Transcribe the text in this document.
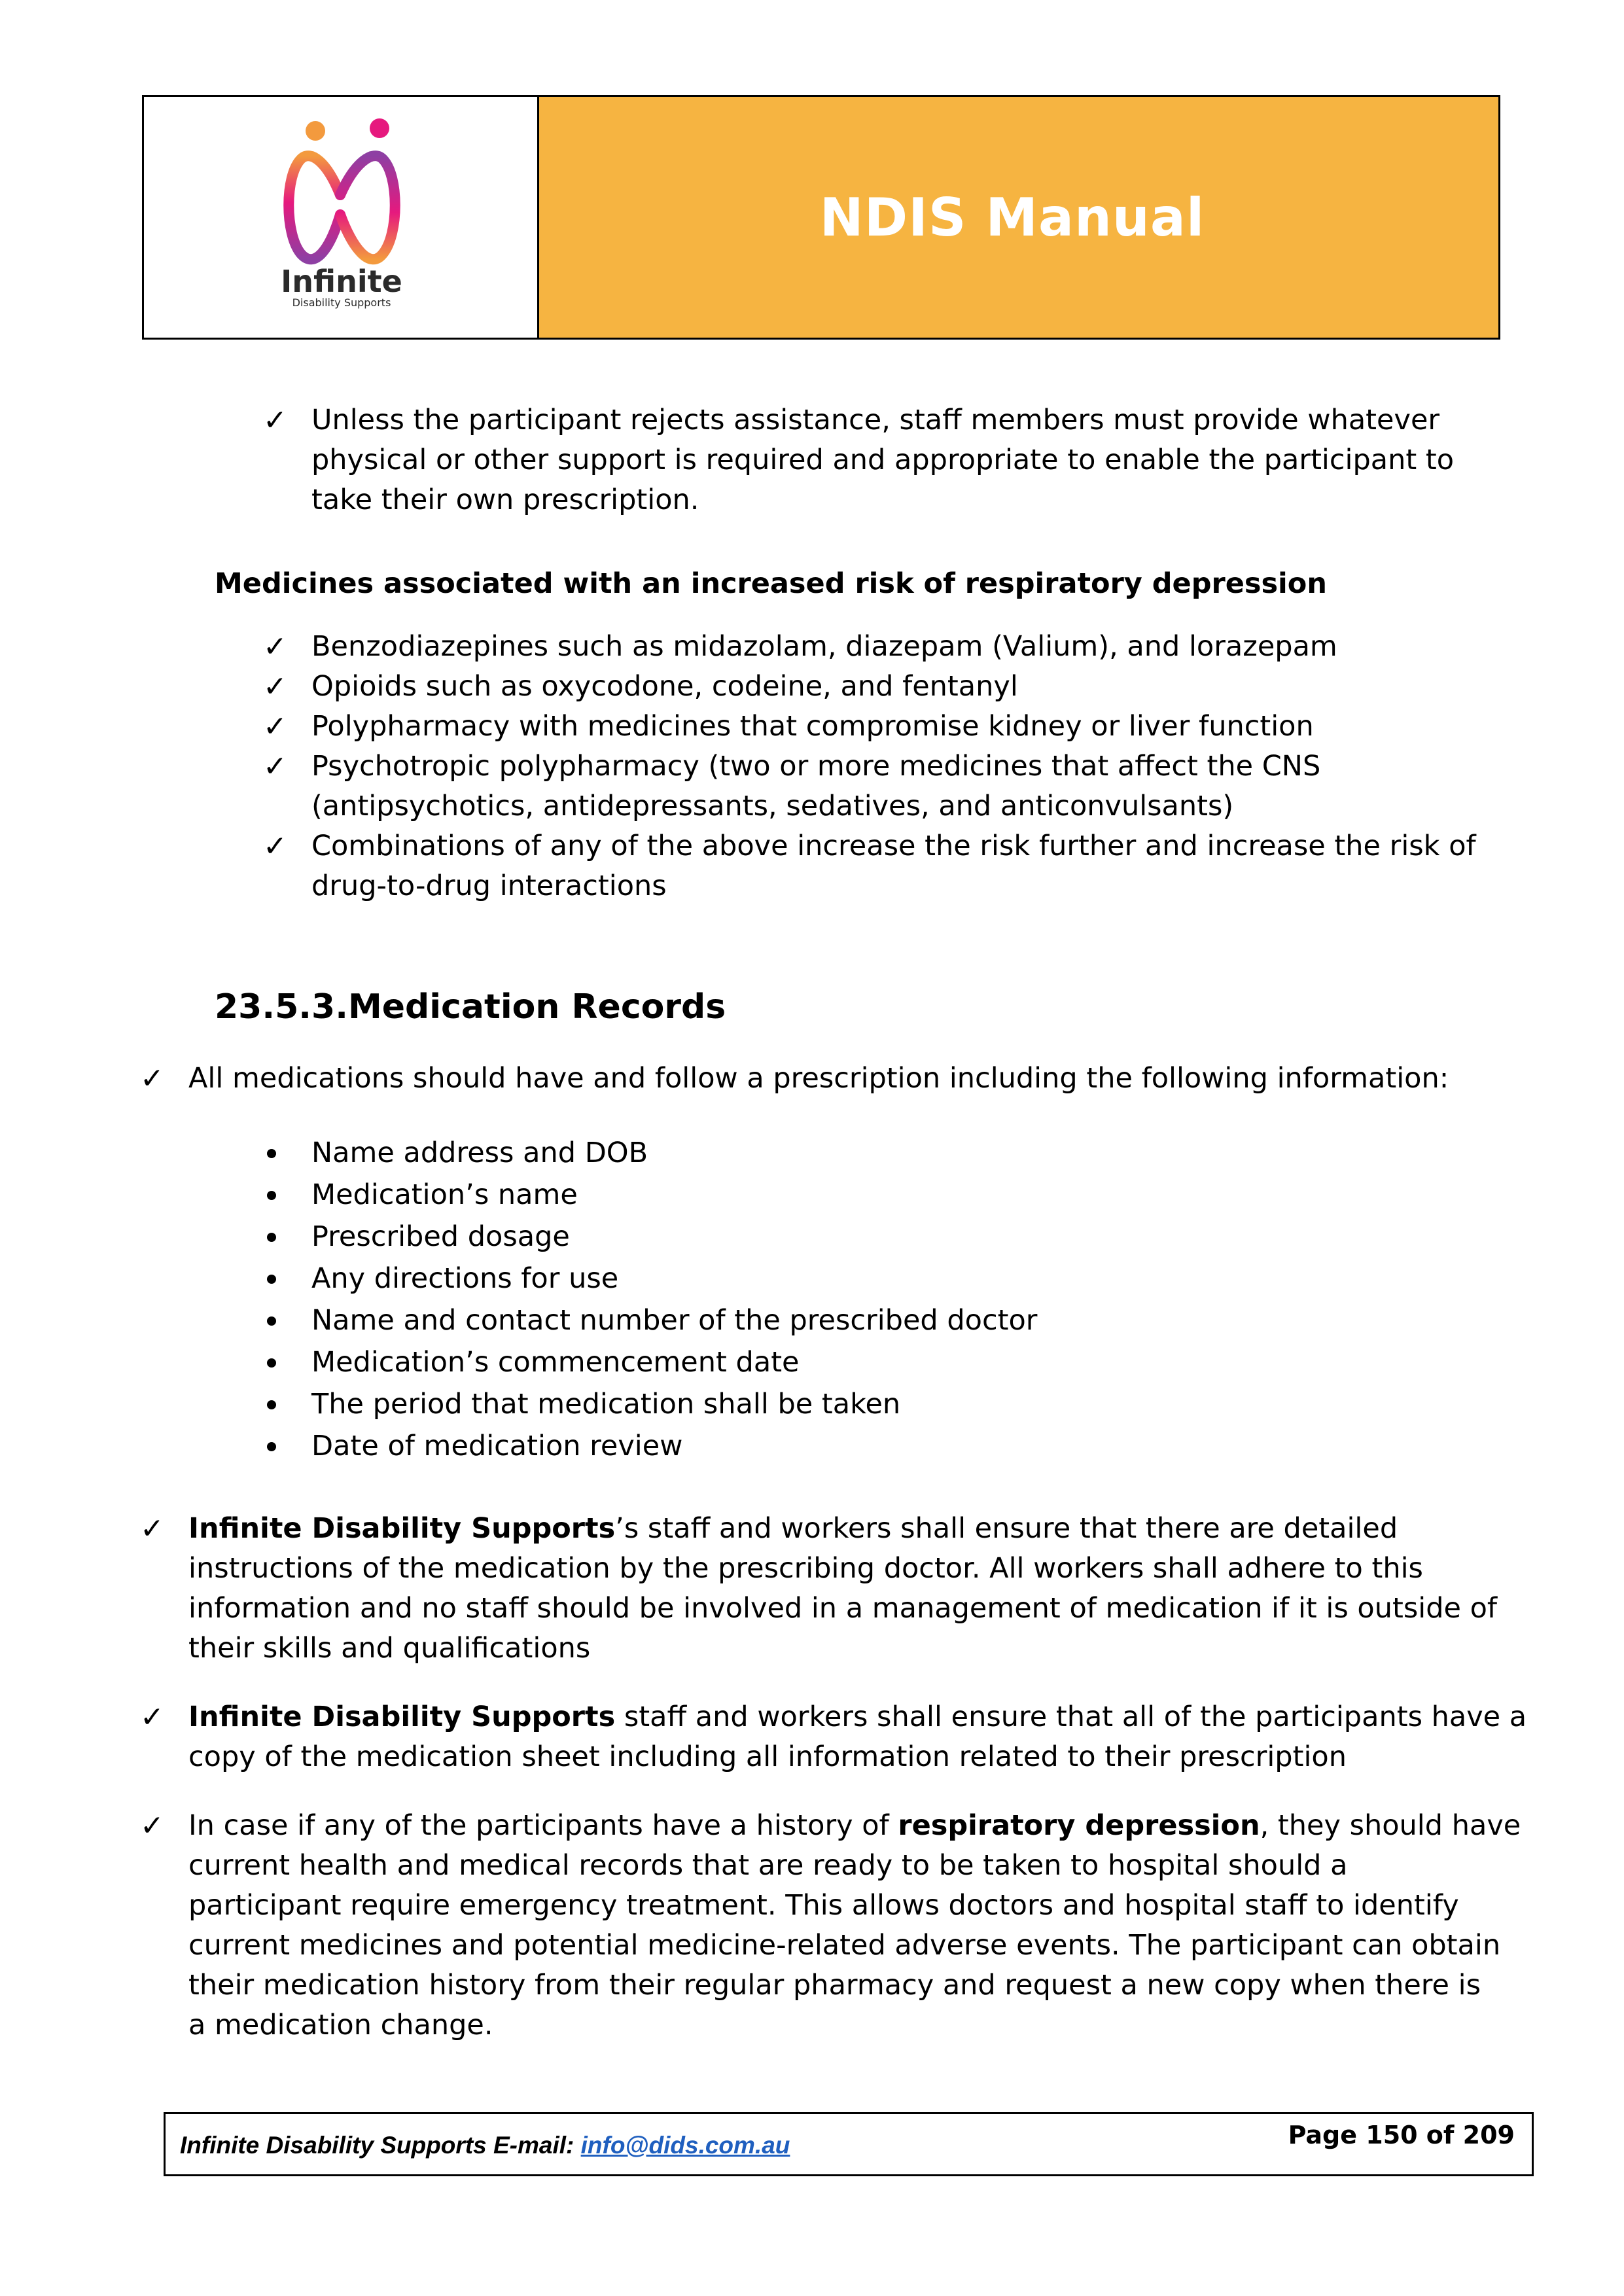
Infinite
Disability Supports
NDIS Manual
✓ Unless the participant rejects assistance, staff members must provide whatever
physical or other support is required and appropriate to enable the participant to
take their own prescription.
Medicines associated with an increased risk of respiratory depression
✓ Benzodiazepines such as midazolam, diazepam (Valium), and lorazepam
✓ Opioids such as oxycodone, codeine, and fentanyl
✓ Polypharmacy with medicines that compromise kidney or liver function
✓ Psychotropic polypharmacy (two or more medicines that affect the CNS
(antipsychotics, antidepressants, sedatives, and anticonvulsants)
✓ Combinations of any of the above increase the risk further and increase the risk of
drug-to-drug interactions
23.5.3.Medication Records
✓ All medications should have and follow a prescription including the following information:
Name address and DOB
Medication’s name
Prescribed dosage
Any directions for use
Name and contact number of the prescribed doctor
Medication’s commencement date
The period that medication shall be taken
Date of medication review
✓ Infinite Disability Supports’s staff and workers shall ensure that there are detailed
instructions of the medication by the prescribing doctor. All workers shall adhere to this
information and no staff should be involved in a management of medication if it is outside of
their skills and qualifications
✓ Infinite Disability Supports staff and workers shall ensure that all of the participants have a
copy of the medication sheet including all information related to their prescription
✓ In case if any of the participants have a history of respiratory depression, they should have
current health and medical records that are ready to be taken to hospital should a
participant require emergency treatment. This allows doctors and hospital staff to identify
current medicines and potential medicine-related adverse events. The participant can obtain
their medication history from their regular pharmacy and request a new copy when there is
a medication change.
Infinite Disability Supports E-mail: info@dids.com.au	Page 150 of 209
